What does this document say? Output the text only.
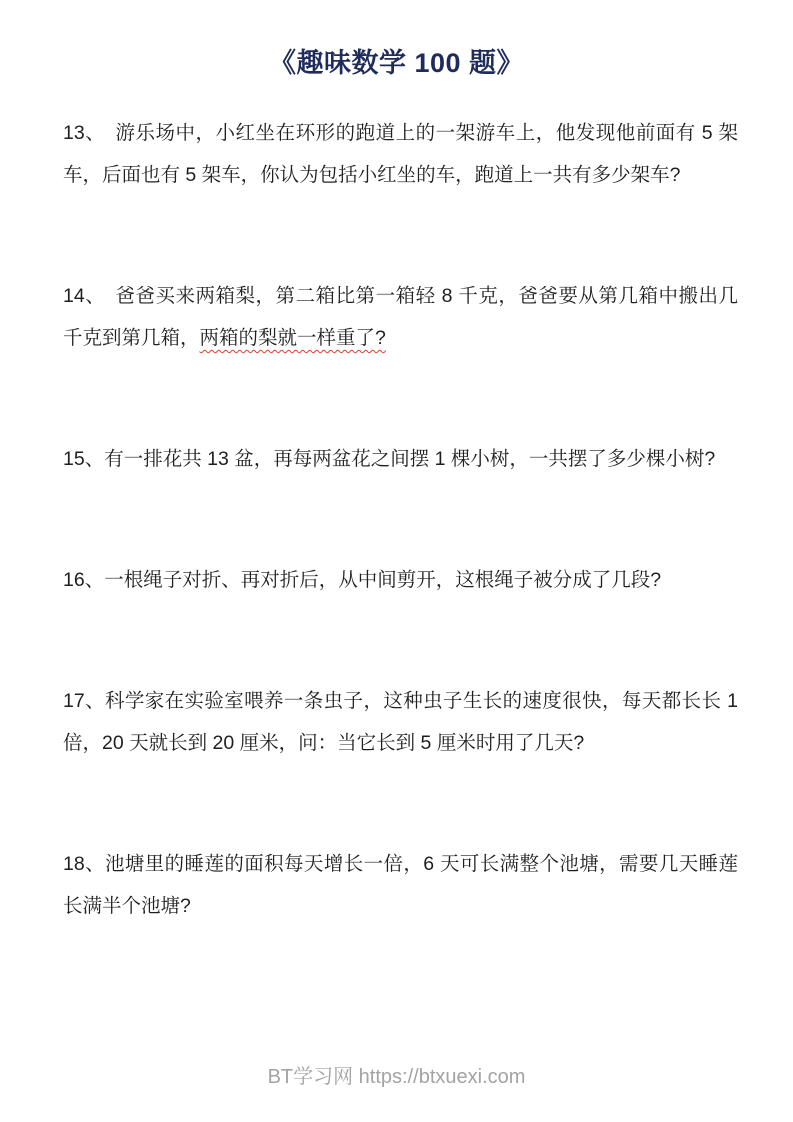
《趣味数学 100 题》

13、　游乐场中，小红坐在环形的跑道上的一架游车上，他发现他前面有 5 架车，后面也有 5 架车，你认为包括小红坐的车，跑道上一共有多少架车?

14、　爸爸买来两箱梨，第二箱比第一箱轻 8 千克，爸爸要从第几箱中搬出几千克到第几箱，两箱的梨就一样重了?

15、有一排花共 13 盆，再每两盆花之间摆 1 棵小树，一共摆了多少棵小树?

16、一根绳子对折、再对折后，从中间剪开，这根绳子被分成了几段?

17、科学家在实验室喂养一条虫子，这种虫子生长的速度很快，每天都长长 1 倍，20 天就长到 20 厘米，问：当它长到 5 厘米时用了几天?

18、池塘里的睡莲的面积每天增长一倍，6 天可长满整个池塘，需要几天睡莲长满半个池塘?

BT学习网 https://btxuexi.com
